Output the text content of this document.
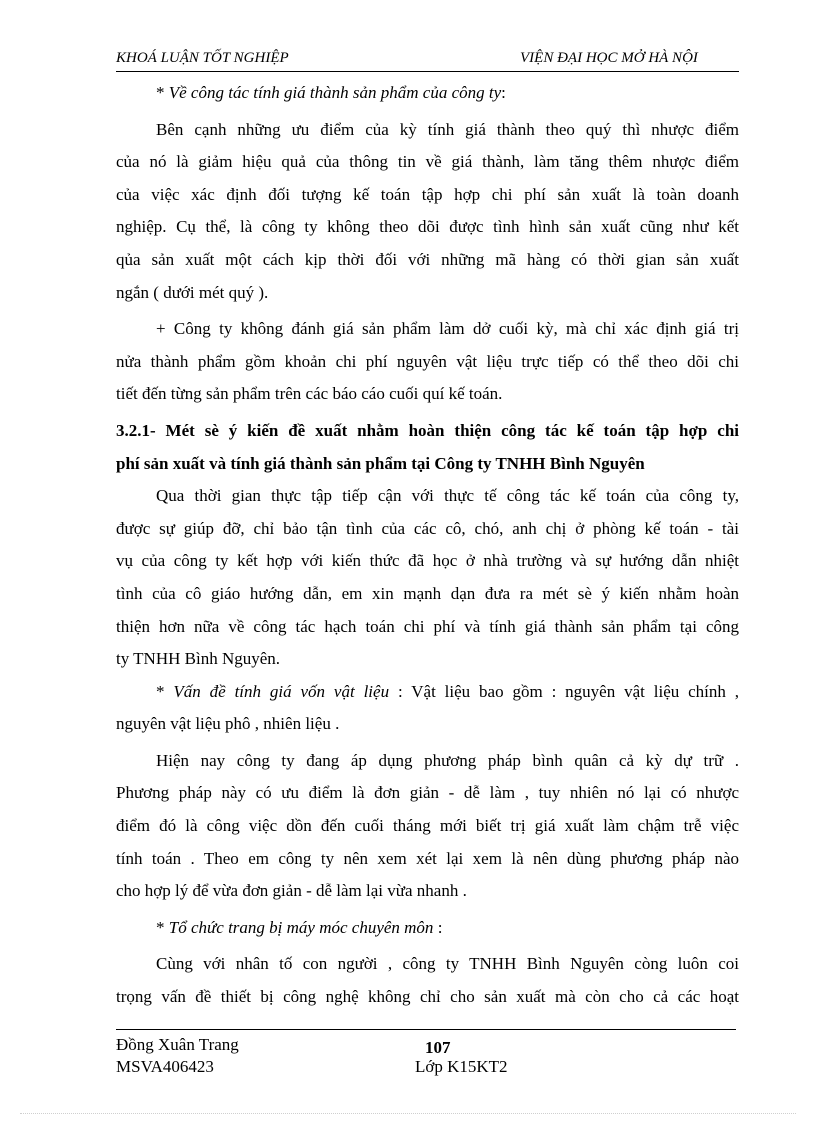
KHOÁ LUẬN TỐT NGHIỆP	VIỆN ĐẠI HỌC MỞ HÀ NỘI
* Về công tác tính giá thành sản phẩm của công ty:
Bên cạnh những ưu điểm của kỳ tính giá thành theo quý thì nhược điểm
của nó là giảm hiệu quả của thông tin về giá thành, làm tăng thêm nhược điểm
của việc xác định đối tượng kế toán tập hợp chi phí sản xuất là toàn doanh
nghiệp. Cụ thể, là công ty không theo dõi được tình hình sản xuất cũng như kết
qủa sản xuất một cách kịp thời đối với những mã hàng có thời gian sản xuất
ngắn ( dưới mét quý ).
+ Công ty không đánh giá sản phẩm làm dở cuối kỳ, mà chỉ xác định giá trị
nửa thành phẩm gồm khoản chi phí nguyên vật liệu trực tiếp có thể theo dõi chi
tiết đến từng sản phẩm trên các báo cáo cuối quí kế toán.
3.2.1- Mét sè ý kiến đề xuất nhằm hoàn thiện công tác kế toán tập hợp chi
phí sản xuất và tính giá thành sản phẩm tại Công ty TNHH Bình Nguyên
Qua thời gian thực tập tiếp cận với thực tế công tác kế toán của công ty,
được sự giúp đỡ, chỉ bảo tận tình của các cô, chó, anh chị ở phòng kế toán - tài
vụ của công ty kết hợp với kiến thức đã học ở nhà trường và sự hướng dẫn nhiệt
tình của cô giáo hướng dẫn, em xin mạnh dạn đưa ra mét sè ý kiến nhằm hoàn
thiện hơn nữa về công tác hạch toán chi phí và tính giá thành sản phẩm tại công
ty TNHH Bình Nguyên.
* Vấn đề tính giá vốn vật liệu : Vật liệu bao gồm : nguyên vật liệu chính ,
nguyên vật liệu phô , nhiên liệu .
Hiện nay công ty đang áp dụng phương pháp bình quân cả kỳ dự trữ .
Phương pháp này có ưu điểm là đơn giản - dễ làm , tuy nhiên nó lại có nhược
điểm đó là công việc dồn đến cuối tháng mới biết trị giá xuất làm chậm trễ việc
tính toán . Theo em công ty nên xem xét lại xem là nên dùng phương pháp nào
cho hợp lý để vừa đơn giản - dễ làm lại vừa nhanh .
* Tổ chức trang bị máy móc chuyên môn :
Cùng với nhân tố con người , công ty TNHH Bình Nguyên còng luôn coi
trọng vấn đề thiết bị công nghệ không chỉ cho sản xuất mà còn cho cả các hoạt
Đồng Xuân Trang
MSVA406423
107
Lớp K15KT2
